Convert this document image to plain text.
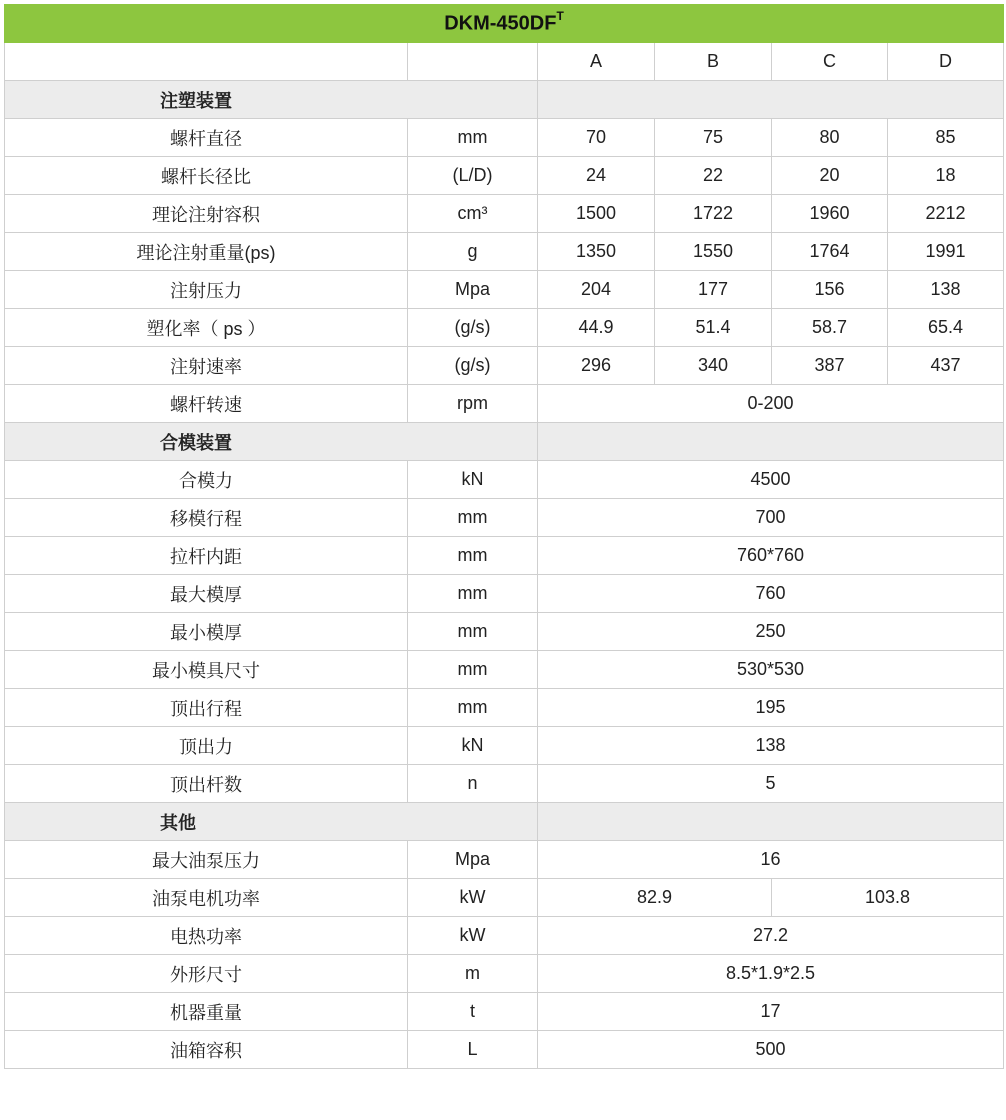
DKM-$450DF^T$
		A	B	C	D
注塑装置					
螺杆直径	mm	70	75	80	85
螺杆长径比	(L/D)	24	22	20	18
理论注射容积	cm³	1500	1722	1960	2212
理论注射重量(ps)	g	1350	1550	1764	1991
注射压力	Mpa	204	177	156	138
塑化率（ ps ）	(g/s)	44.9	51.4	58.7	65.4
注射速率	(g/s)	296	340	387	437
螺杆转速	rpm	0-200			
合模装置					
合模力	kN	4500			
移模行程	mm	700			
拉杆内距	mm	760*760			
最大模厚	mm	760			
最小模厚	mm	250			
最小模具尺寸	mm	530*530			
顶出行程	mm	195			
顶出力	kN	138			
顶出杆数	n	5			
其他					
最大油泵压力	Mpa	16			
油泵电机功率	kW	82.9		103.8	
电热功率	kW	27.2			
外形尺寸	m	8.5*1.9*2.5			
机器重量	t	17			
油箱容积	L	500			
